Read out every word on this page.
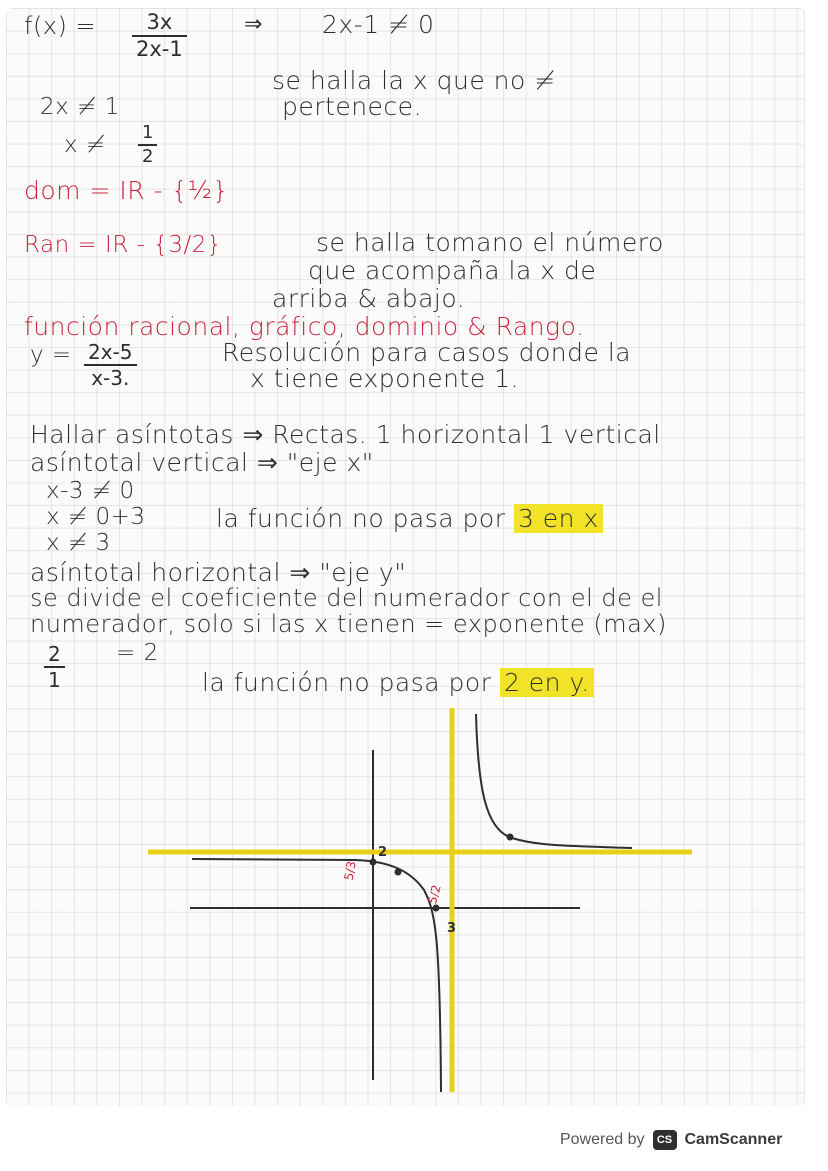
$f(x) = \frac{3x}{2x-1}$	⇒ 2x-1 ≠ 0
se halla la x que no ≠
pertenece.
2x ≠ 1
$x \ne \frac{1}{2}$
dom = IR - {½}
Ran = IR - {3/2}	se halla tomano el número
que acompaña la x de
arriba & abajo.
función racional, gráfico, dominio & Rango.
$y = \frac{2x-5}{x-3.}$	Resolución para casos donde la
x tiene exponente 1.
Hallar asíntotas ⇒ Rectas. 1 horizontal 1 vertical
asíntotal vertical ⇒ "eje x"
x-3 ≠ 0
x ≠ 0+3
x ≠ 3
la función no pasa por 3 en x
asíntotal horizontal ⇒ "eje y"
se divide el coeficiente del numerador con el de el
numerador, solo si las x tienen = exponente (max)
$\frac{2}{1} = 2$
la función no pasa por 2 en y.
2
3
5/3
5/2
Powered by	CS CamScanner
